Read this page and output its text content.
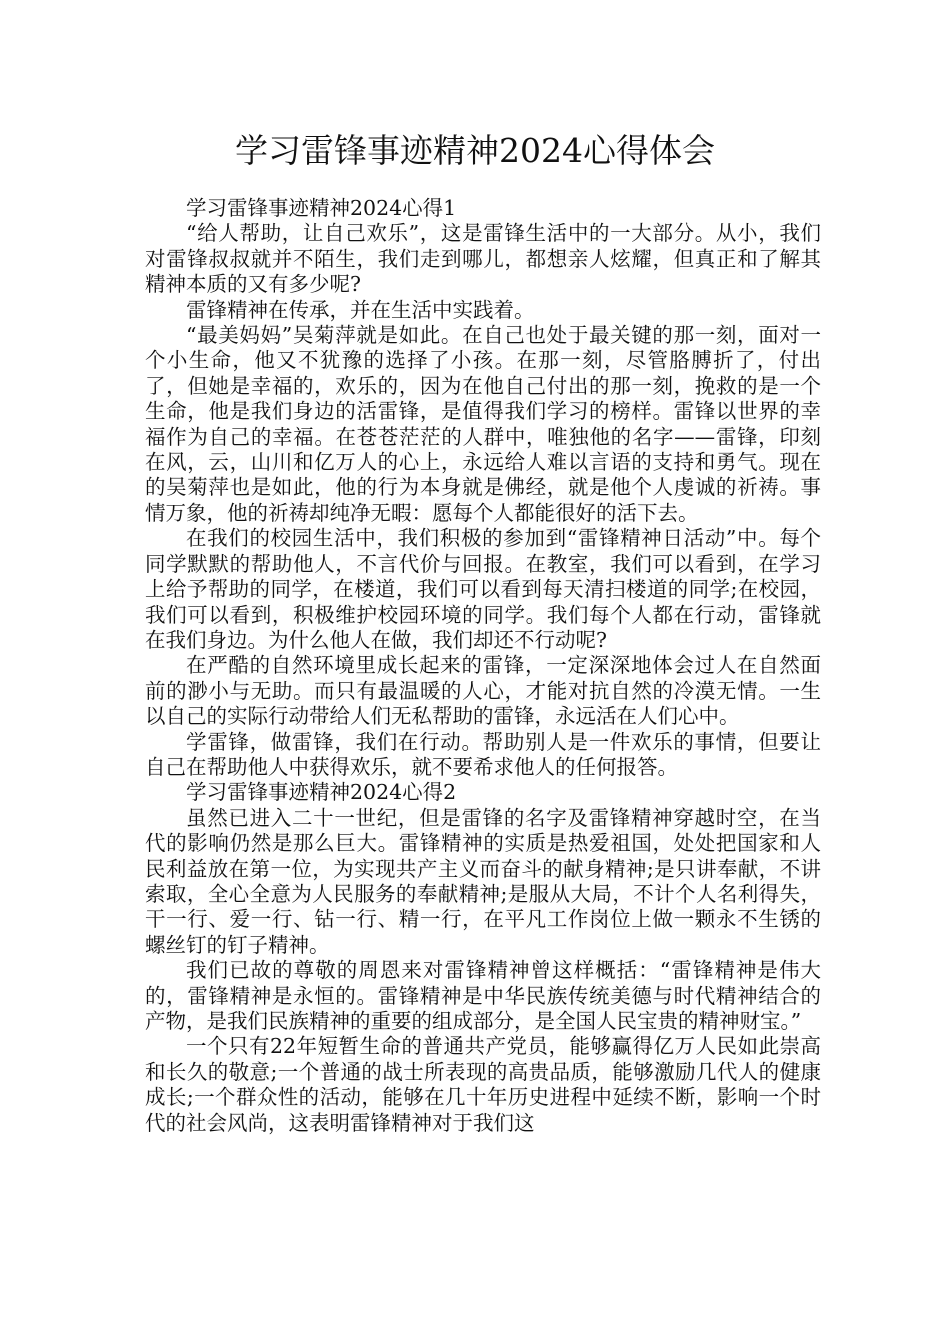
学习雷锋事迹精神2024心得体会

学习雷锋事迹精神2024心得1

“给人帮助，让自己欢乐”，这是雷锋生活中的一大部分。从小，我们对雷锋叔叔就并不陌生，我们走到哪儿，都想亲人炫耀，但真正和了解其精神本质的又有多少呢?

雷锋精神在传承，并在生活中实践着。

“最美妈妈”吴菊萍就是如此。在自己也处于最关键的那一刻，面对一个小生命，他又不犹豫的选择了小孩。在那一刻，尽管胳膊折了，付出了，但她是幸福的，欢乐的，因为在他自己付出的那一刻，挽救的是一个生命，他是我们身边的活雷锋，是值得我们学习的榜样。雷锋以世界的幸福作为自己的幸福。在苍苍茫茫的人群中，唯独他的名字——雷锋，印刻在风，云，山川和亿万人的心上，永远给人难以言语的支持和勇气。现在的吴菊萍也是如此，他的行为本身就是佛经，就是他个人虔诚的祈祷。事情万象，他的祈祷却纯净无暇：愿每个人都能很好的活下去。

在我们的校园生活中，我们积极的参加到“雷锋精神日活动”中。每个同学默默的帮助他人，不言代价与回报。在教室，我们可以看到，在学习上给予帮助的同学，在楼道，我们可以看到每天清扫楼道的同学;在校园，我们可以看到，积极维护校园环境的同学。我们每个人都在行动，雷锋就在我们身边。为什么他人在做，我们却还不行动呢?

在严酷的自然环境里成长起来的雷锋，一定深深地体会过人在自然面前的渺小与无助。而只有最温暖的人心，才能对抗自然的冷漠无情。一生以自己的实际行动带给人们无私帮助的雷锋，永远活在人们心中。

学雷锋，做雷锋，我们在行动。帮助别人是一件欢乐的事情，但要让自己在帮助他人中获得欢乐，就不要希求他人的任何报答。

学习雷锋事迹精神2024心得2

虽然已进入二十一世纪，但是雷锋的名字及雷锋精神穿越时空，在当代的影响仍然是那么巨大。雷锋精神的实质是热爱祖国，处处把国家和人民利益放在第一位，为实现共产主义而奋斗的献身精神;是只讲奉献，不讲索取，全心全意为人民服务的奉献精神;是服从大局，不计个人名利得失，干一行、爱一行、钻一行、精一行，在平凡工作岗位上做一颗永不生锈的螺丝钉的钉子精神。

我们已故的尊敬的周恩来对雷锋精神曾这样概括：“雷锋精神是伟大的，雷锋精神是永恒的。雷锋精神是中华民族传统美德与时代精神结合的产物，是我们民族精神的重要的组成部分，是全国人民宝贵的精神财宝。”

一个只有22年短暂生命的普通共产党员，能够赢得亿万人民如此崇高和长久的敬意;一个普通的战士所表现的高贵品质，能够激励几代人的健康成长;一个群众性的活动，能够在几十年历史进程中延续不断，影响一个时代的社会风尚，这表明雷锋精神对于我们这
